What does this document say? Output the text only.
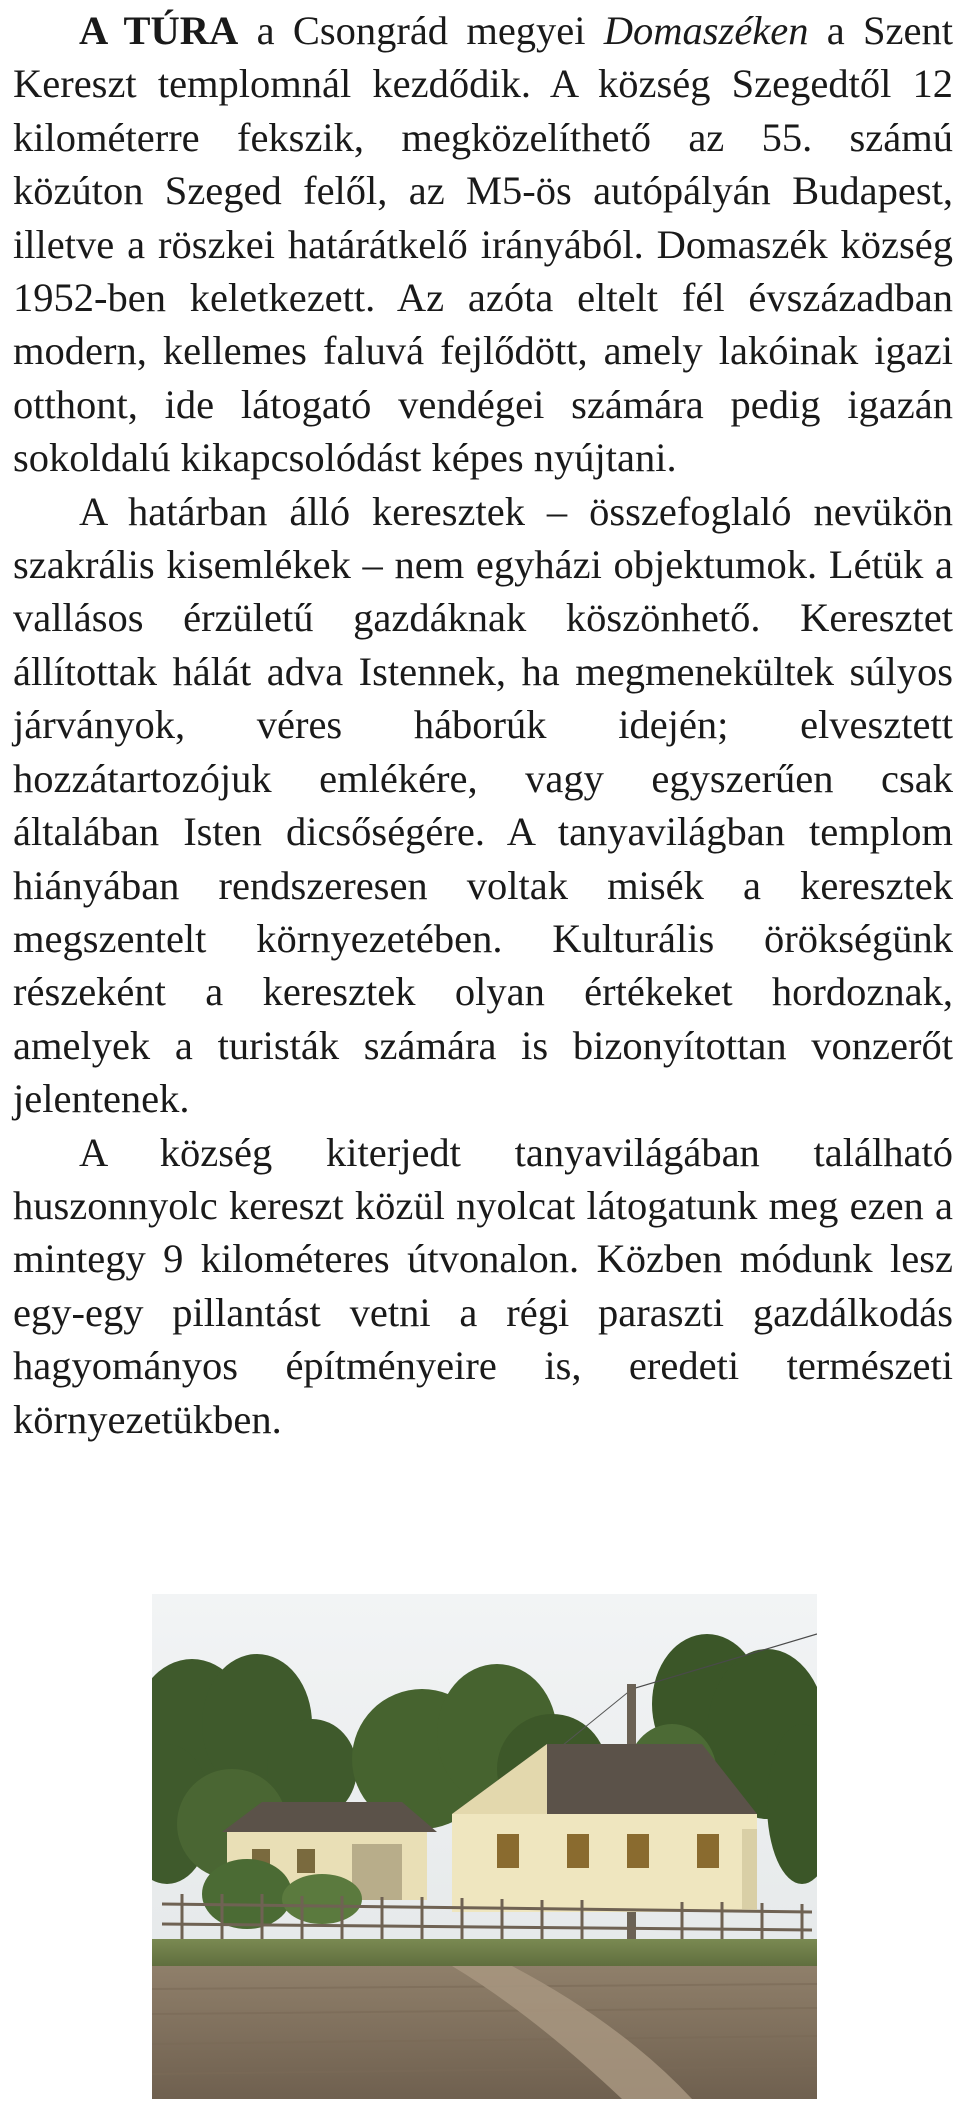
A TÚRA a Csongrád megyei Domaszéken a Szent Kereszt templomnál kezdődik. A község Szegedtől 12 kilométerre fekszik, megközelíthető az 55. számú közúton Szeged felől, az M5-ös autópályán Budapest, illetve a röszkei határátkelő irányából. Domaszék község 1952-ben keletkezett. Az azóta eltelt fél évszázadban modern, kellemes faluvá fejlődött, amely lakóinak igazi otthont, ide látogató vendégei számára pedig igazán sokoldalú kikapcsolódást képes nyújtani.

A határban álló keresztek – összefoglaló nevükön szakrális kisemlékek – nem egyházi objektumok. Létük a vallásos érzületű gazdáknak köszönhető. Keresztet állítottak hálát adva Istennek, ha megmenekültek súlyos járványok, véres háborúk idején; elvesztett hozzátartozójuk emlékére, vagy egyszerűen csak általában Isten dicsőségére. A tanyavilágban templom hiányában rendszeresen voltak misék a keresztek megszentelt környezetében. Kulturális örökségünk részeként a keresztek olyan értékeket hordoznak, amelyek a turisták számára is bizonyítottan vonzerőt jelentenek.

A község kiterjedt tanyavilágában található huszonnyolc kereszt közül nyolcat látogatunk meg ezen a mintegy 9 kilométeres útvonalon. Közben módunk lesz egy-egy pillantást vetni a régi paraszti gazdálkodás hagyományos építményeire is, eredeti természeti környezetükben.
